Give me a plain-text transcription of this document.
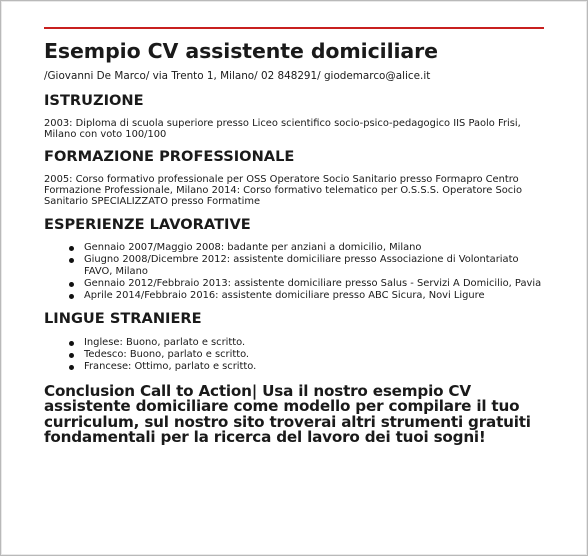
Esempio CV assistente domiciliare

/Giovanni De Marco/ via Trento 1, Milano/ 02 848291/ giodemarco@alice.it

ISTRUZIONE

2003: Diploma di scuola superiore presso Liceo scientifico socio-psico-pedagogico IIS Paolo Frisi, Milano con voto 100/100

FORMAZIONE PROFESSIONALE

2005: Corso formativo professionale per OSS Operatore Socio Sanitario presso Formapro Centro Formazione Professionale, Milano 2014: Corso formativo telematico per O.S.S.S. Operatore Socio Sanitario SPECIALIZZATO presso Formatime

ESPERIENZE LAVORATIVE
Gennaio 2007/Maggio 2008: badante per anziani a domicilio, Milano
Giugno 2008/Dicembre 2012: assistente domiciliare presso Associazione di Volontariato FAVO, Milano
Gennaio 2012/Febbraio 2013: assistente domiciliare presso Salus - Servizi A Domicilio, Pavia
Aprile 2014/Febbraio 2016: assistente domiciliare presso ABC Sicura, Novi Ligure
LINGUE STRANIERE
Inglese: Buono, parlato e scritto.
Tedesco: Buono, parlato e scritto.
Francese: Ottimo, parlato e scritto.

Conclusion Call to Action| Usa il nostro esempio CV assistente domiciliare come modello per compilare il tuo curriculum, sul nostro sito troverai altri strumenti gratuiti fondamentali per la ricerca del lavoro dei tuoi sogni!
